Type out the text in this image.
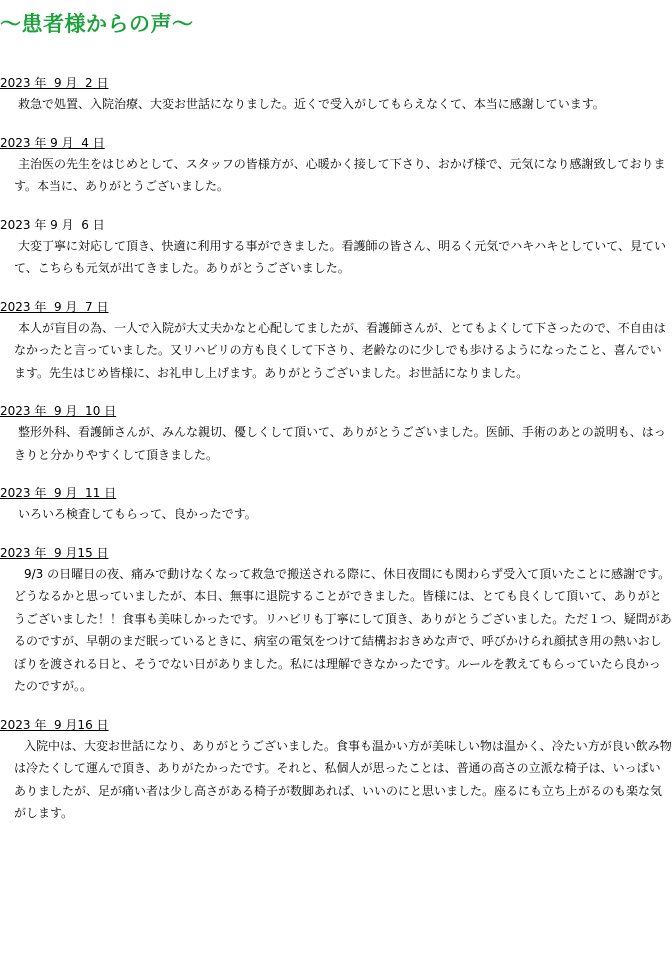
～患者様からの声～
2023 年  9 月  2 日

救急で処置、入院治療、大変お世話になりました。近くで受入がしてもらえなくて、本当に感謝しています。

2023 年 9 月  4 日

主治医の先生をはじめとして、スタッフの皆様方が、心暖かく接して下さり、おかげ様で、元気になり感謝致しております。本当に、ありがとうございました。

2023 年 9 月  6 日

大変丁寧に対応して頂き、快適に利用する事ができました。看護師の皆さん、明るく元気でハキハキとしていて、見ていて、こちらも元気が出てきました。ありがとうございました。

2023 年  9 月  7 日

本人が盲目の為、一人で入院が大丈夫かなと心配してましたが、看護師さんが、とてもよくして下さったので、不自由はなかったと言っていました。又リハビリの方も良くして下さり、老齢なのに少しでも歩けるようになったこと、喜んでいます。先生はじめ皆様に、お礼申し上げます。ありがとうございました。お世話になりました。

2023 年  9 月  10 日

整形外科、看護師さんが、みんな親切、優しくして頂いて、ありがとうございました。医師、手術のあとの説明も、はっきりと分かりやすくして頂きました。

2023 年  9 月  11 日

いろいろ検査してもらって、良かったです。

2023 年  9 月15 日

9/3 の日曜日の夜、痛みで動けなくなって救急で搬送される際に、休日夜間にも関わらず受入て頂いたことに感謝です。どうなるかと思っていましたが、本日、無事に退院することができました。皆様には、とても良くして頂いて、ありがとうございました！！食事も美味しかったです。リハビリも丁寧にして頂き、ありがとうございました。ただ１つ、疑問があるのですが、早朝のまだ眠っているときに、病室の電気をつけて結構おおきめな声で、呼びかけられ顔拭き用の熱いおしぼりを渡される日と、そうでない日がありました。私には理解できなかったです。ルールを教えてもらっていたら良かったのですが。。

2023 年  9 月16 日

入院中は、大変お世話になり、ありがとうございました。食事も温かい方が美味しい物は温かく、冷たい方が良い飲み物は冷たくして運んで頂き、ありがたかったです。それと、私個人が思ったことは、普通の高さの立派な椅子は、いっぱいありましたが、足が痛い者は少し高さがある椅子が数脚あれば、いいのにと思いました。座るにも立ち上がるのも楽な気がします。
